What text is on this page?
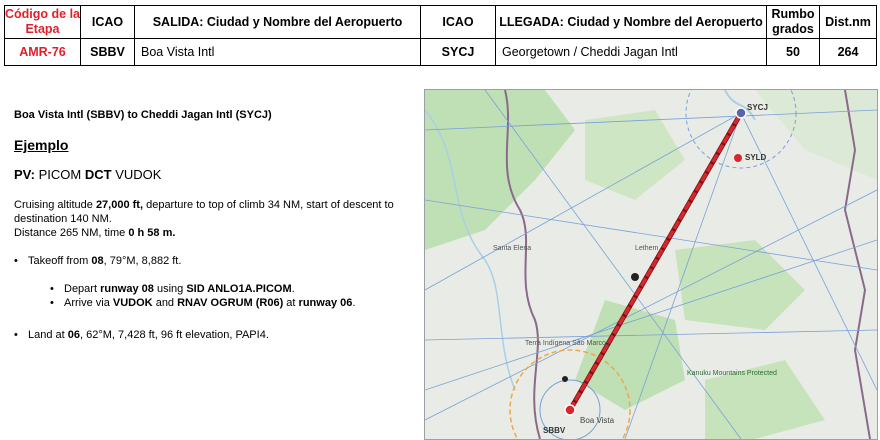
Código de la Etapa	ICAO	SALIDA: Ciudad y Nombre del Aeropuerto	ICAO	LLEGADA: Ciudad y Nombre del Aeropuerto	Rumbo grados	Dist.nm
AMR-76	SBBV	Boa Vista Intl	SYCJ	Georgetown / Cheddi Jagan Intl	50	264
Boa Vista Intl (SBBV) to Cheddi Jagan Intl (SYCJ)
Ejemplo
PV: PICOM DCT VUDOK
Cruising altitude 27,000 ft, departure to top of climb 34 NM, start of descent to destination 140 NM.
Distance 265 NM, time 0 h 58 m.
• Takeoff from 08, 79°M, 8,882 ft.
• Depart runway 08 using SID ANLO1A.PICOM.
• Arrive via VUDOK and RNAV OGRUM (R06) at runway 06.
• Land at 06, 62°M, 7,428 ft, 96 ft elevation, PAPI4.
SYCJ
SYLD
SBBV
Boa Vista
Kanuku Mountains Protected
Terra Indígena São Marcos
Santa Elena	Lethem
